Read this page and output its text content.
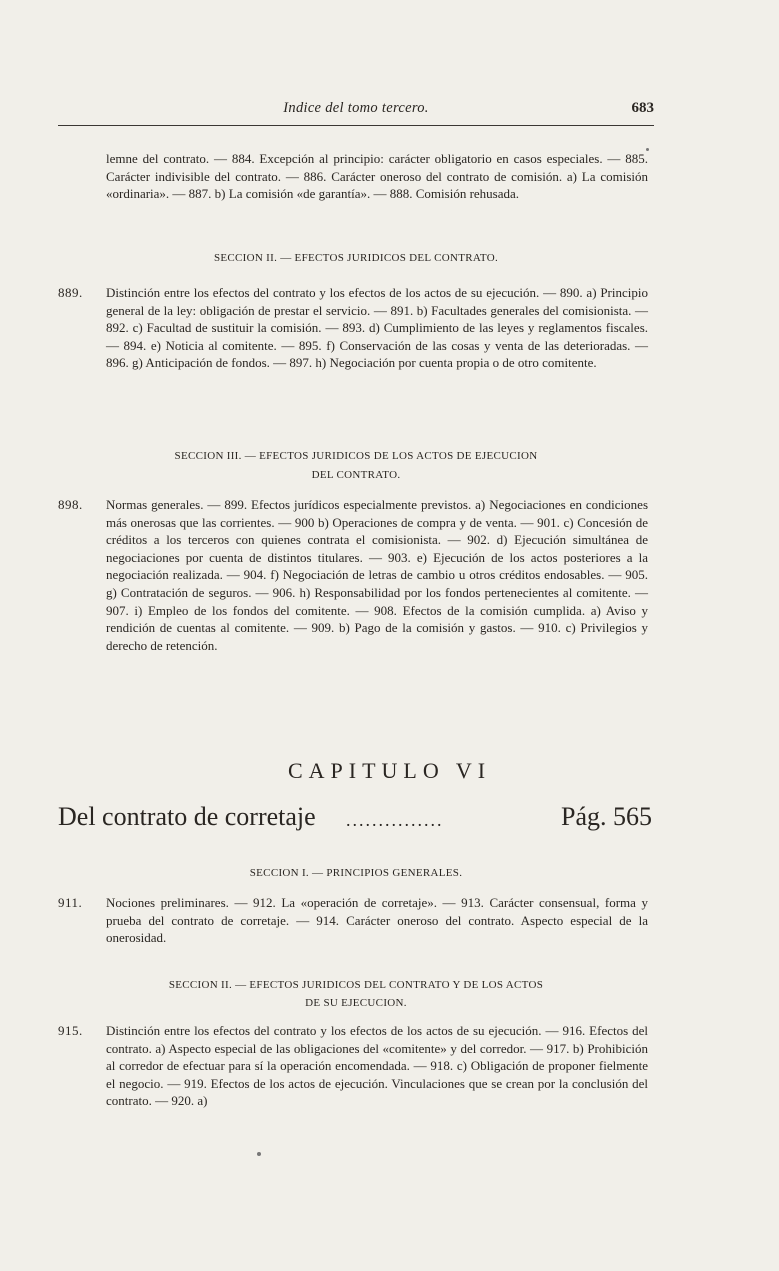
Indice del tomo tercero.	683
lemne del contrato. — 884. Excepción al principio: carácter obligatorio en casos especiales. — 885. Carácter indivisible del contrato. — 886. Carácter oneroso del contrato de comisión. a) La comisión «ordinaria». — 887. b) La comisión «de garantía». — 888. Comisión rehusada.
SECCION II. — EFECTOS JURIDICOS DEL CONTRATO.
889. Distinción entre los efectos del contrato y los efectos de los actos de su ejecución. — 890. a) Principio general de la ley: obligación de prestar el servicio. — 891. b) Facultades generales del comisionista. — 892. c) Facultad de sustituir la comisión. — 893. d) Cumplimiento de las leyes y reglamentos fiscales. — 894. e) Noticia al comitente. — 895. f) Conservación de las cosas y venta de las deterioradas. — 896. g) Anticipación de fondos. — 897. h) Negociación por cuenta propia o de otro comitente.
SECCION III. — EFECTOS JURIDICOS DE LOS ACTOS DE EJECUCION
DEL CONTRATO.
898. Normas generales. — 899. Efectos jurídicos especialmente previstos. a) Negociaciones en condiciones más onerosas que las corrientes. — 900 b) Operaciones de compra y de venta. — 901. c) Concesión de créditos a los terceros con quienes contrata el comisionista. — 902. d) Ejecución simultánea de negociaciones por cuenta de distintos titulares. — 903. e) Ejecución de los actos posteriores a la negociación realizada. — 904. f) Negociación de letras de cambio u otros créditos endosables. — 905. g) Contratación de seguros. — 906. h) Responsabilidad por los fondos pertenecientes al comitente. — 907. i) Empleo de los fondos del comitente. — 908. Efectos de la comisión cumplida. a) Aviso y rendición de cuentas al comitente. — 909. b) Pago de la comisión y gastos. — 910. c) Privilegios y derecho de retención.
CAPITULO VI
Del contrato de corretaje ...............	Pág. 565
SECCION I. — PRINCIPIOS GENERALES.
911. Nociones preliminares. — 912. La «operación de corretaje». — 913. Carácter consensual, forma y prueba del contrato de corretaje. — 914. Carácter oneroso del contrato. Aspecto especial de la onerosidad.
SECCION II. — EFECTOS JURIDICOS DEL CONTRATO Y DE LOS ACTOS
DE SU EJECUCION.
915. Distinción entre los efectos del contrato y los efectos de los actos de su ejecución. — 916. Efectos del contrato. a) Aspecto especial de las obligaciones del «comitente» y del corredor. — 917. b) Prohibición al corredor de efectuar para sí la operación encomendada. — 918. c) Obligación de proponer fielmente el negocio. — 919. Efectos de los actos de ejecución. Vinculaciones que se crean por la conclusión del contrato. — 920. a)
